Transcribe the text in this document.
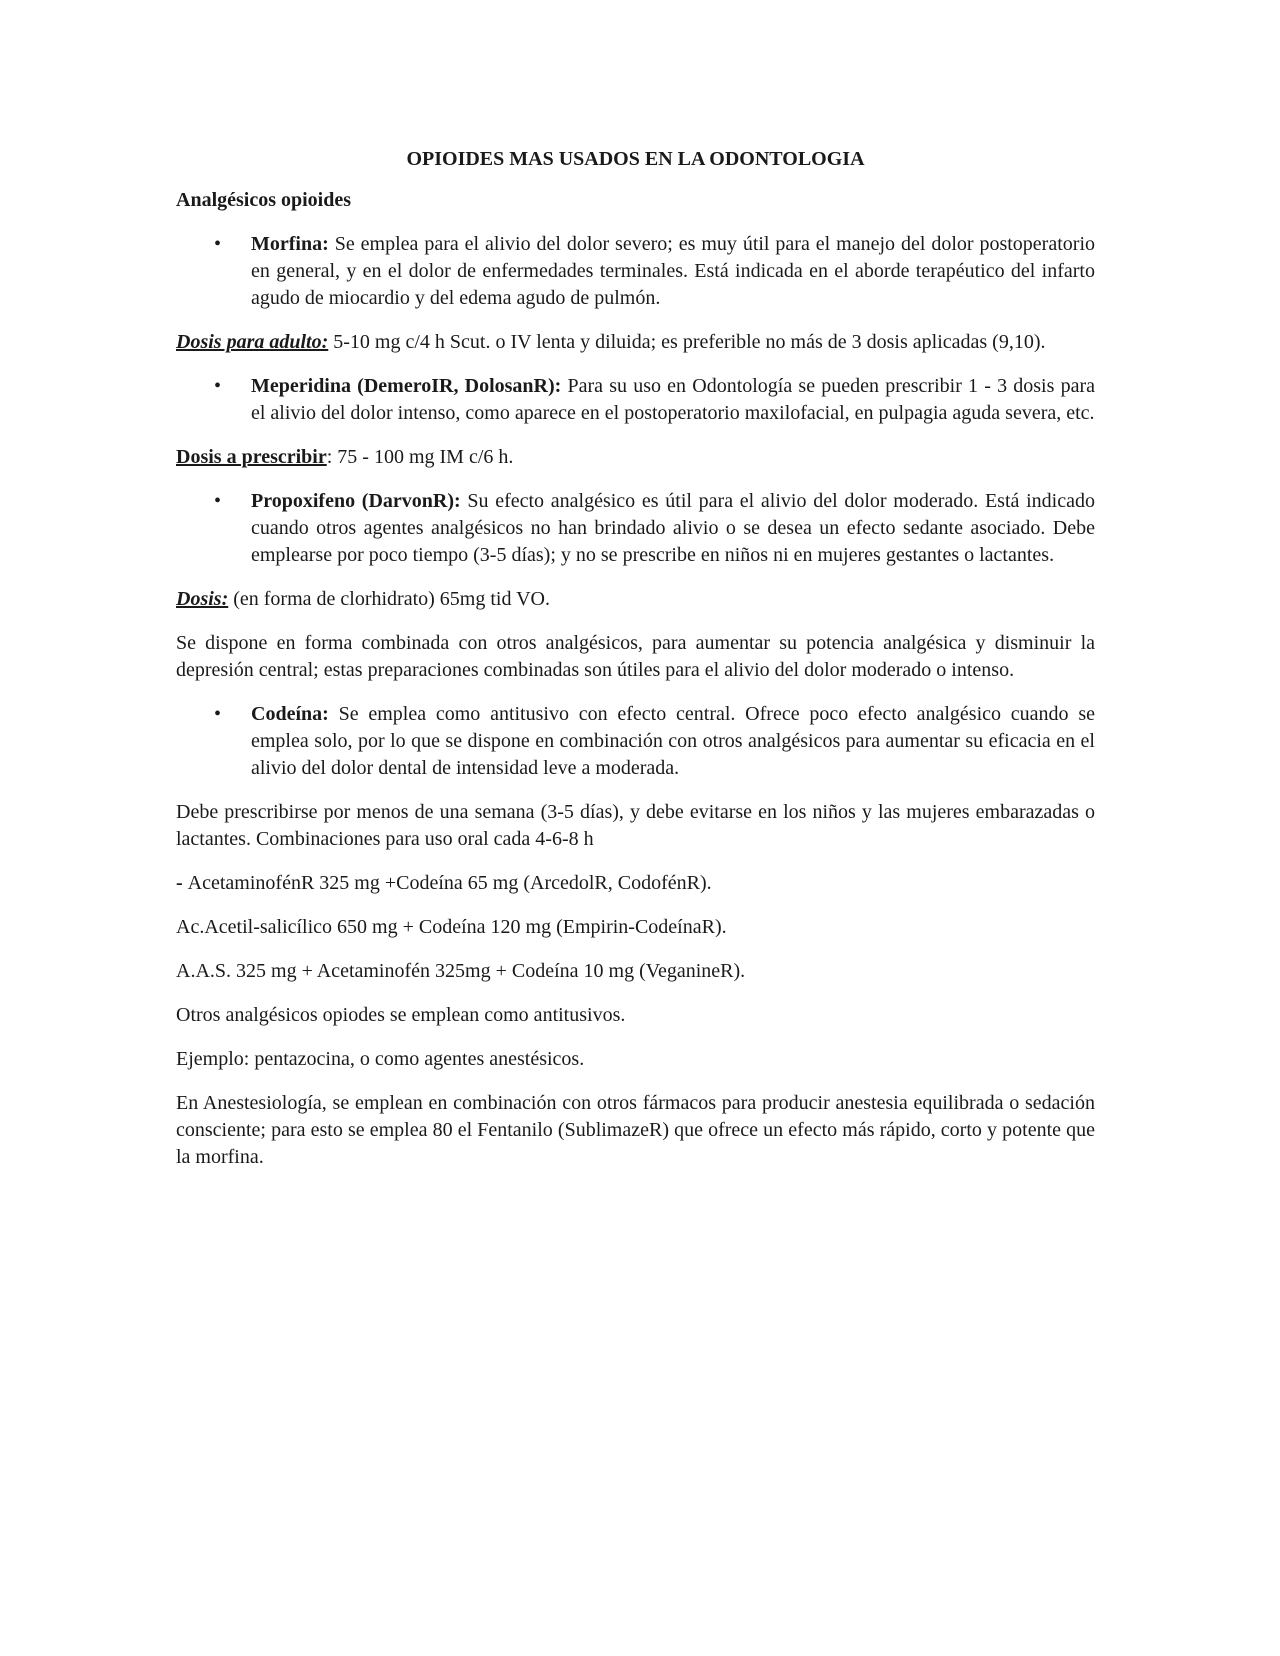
OPIOIDES MAS USADOS EN LA ODONTOLOGIA
Analgésicos opioides
• Morfina: Se emplea para el alivio del dolor severo; es muy útil para el manejo del dolor postoperatorio en general, y en el dolor de enfermedades terminales. Está indicada en el aborde terapéutico del infarto agudo de miocardio y del edema agudo de pulmón.

Dosis para adulto: 5-10 mg c/4 h Scut. o IV lenta y diluida; es preferible no más de 3 dosis aplicadas (9,10).

• Meperidina (DemeroIR, DolosanR): Para su uso en Odontología se pueden prescribir 1 - 3 dosis para el alivio del dolor intenso, como aparece en el postoperatorio maxilofacial, en pulpagia aguda severa, etc.

Dosis a prescribir: 75 - 100 mg IM c/6 h.

• Propoxifeno (DarvonR): Su efecto analgésico es útil para el alivio del dolor moderado. Está indicado cuando otros agentes analgésicos no han brindado alivio o se desea un efecto sedante asociado. Debe emplearse por poco tiempo (3-5 días); y no se prescribe en niños ni en mujeres gestantes o lactantes.

Dosis: (en forma de clorhidrato) 65mg tid VO.

Se dispone en forma combinada con otros analgésicos, para aumentar su potencia analgésica y disminuir la depresión central; estas preparaciones combinadas son útiles para el alivio del dolor moderado o intenso.

• Codeína: Se emplea como antitusivo con efecto central. Ofrece poco efecto analgésico cuando se emplea solo, por lo que se dispone en combinación con otros analgésicos para aumentar su eficacia en el alivio del dolor dental de intensidad leve a moderada.

Debe prescribirse por menos de una semana (3-5 días), y debe evitarse en los niños y las mujeres embarazadas o lactantes. Combinaciones para uso oral cada 4-6-8 h

- AcetaminofénR 325 mg +Codeína 65 mg (ArcedolR, CodofénR).

Ac.Acetil-salicílico 650 mg + Codeína 120 mg (Empirin-CodeínaR).

A.A.S. 325 mg + Acetaminofén 325mg + Codeína 10 mg (VeganineR).

Otros analgésicos opiodes se emplean como antitusivos.

Ejemplo: pentazocina, o como agentes anestésicos.

En Anestesiología, se emplean en combinación con otros fármacos para producir anestesia equilibrada o sedación consciente; para esto se emplea 80 el Fentanilo (SublimazeR) que ofrece un efecto más rápido, corto y potente que la morfina.
